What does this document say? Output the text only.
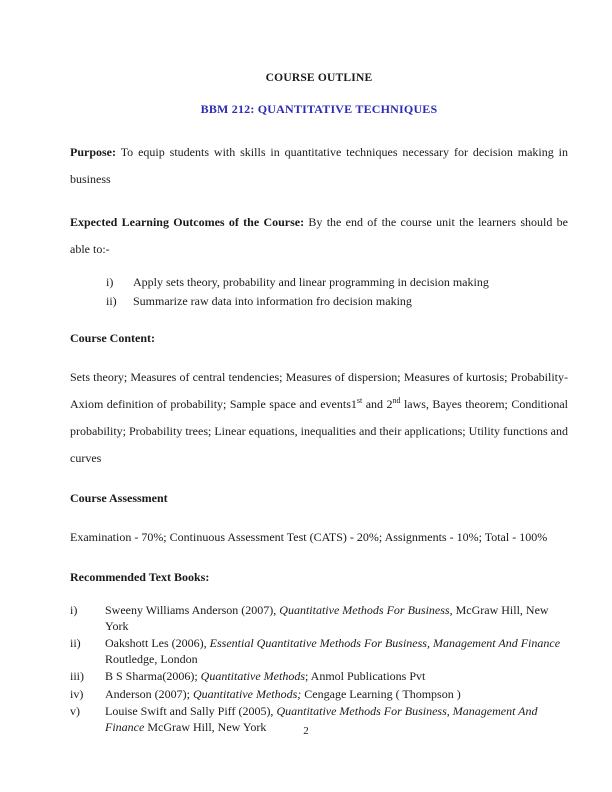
COURSE OUTLINE
BBM 212: QUANTITATIVE TECHNIQUES

Purpose: To equip students with skills in quantitative techniques necessary for decision making in business

Expected Learning Outcomes of the Course: By the end of the course unit the learners should be able to:-

i)	Apply sets theory, probability and linear programming in decision making
ii)	Summarize raw data into information fro decision making
Course Content:

Sets theory; Measures of central tendencies; Measures of dispersion; Measures of kurtosis; Probability- Axiom definition of probability; Sample space and events1st and 2nd laws, Bayes theorem; Conditional probability; Probability trees; Linear equations, inequalities and their applications; Utility functions and curves

Course Assessment

Examination - 70%; Continuous Assessment Test (CATS) - 20%; Assignments - 10%; Total - 100%

Recommended Text Books:
i)	Sweeny Williams Anderson (2007), Quantitative Methods For Business, McGraw Hill, New York
ii)	Oakshott Les (2006), Essential Quantitative Methods For Business, Management And Finance Routledge, London
iii)	B S Sharma(2006); Quantitative Methods; Anmol Publications Pvt
iv)	Anderson (2007); Quantitative Methods; Cengage Learning ( Thompson )
v)	Louise Swift and Sally Piff (2005), Quantitative Methods For Business, Management And Finance McGraw Hill, New York	2
